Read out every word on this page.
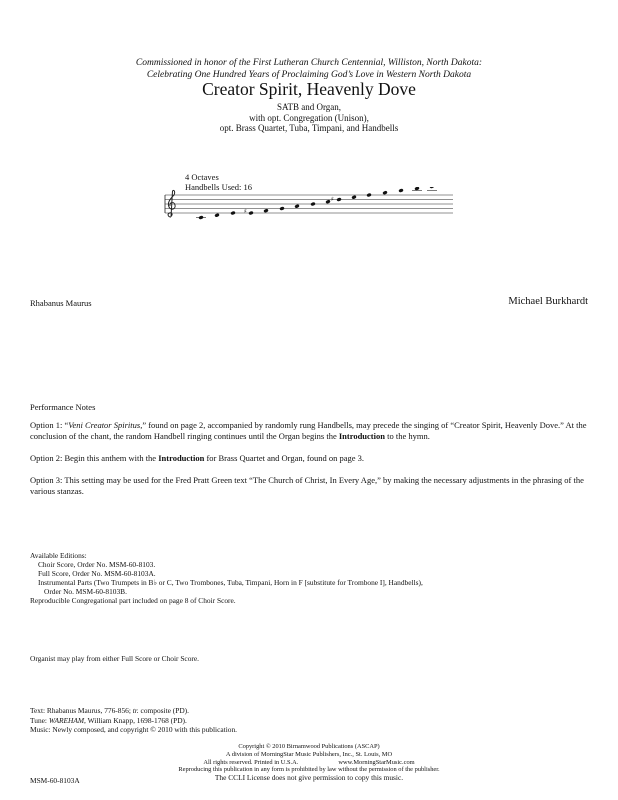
Commissioned in honor of the First Lutheran Church Centennial, Williston, North Dakota:
Celebrating One Hundred Years of Proclaiming God’s Love in Western North Dakota
Creator Spirit, Heavenly Dove
SATB and Organ,
with opt. Congregation (Unison),
opt. Brass Quartet, Tuba, Timpani, and Handbells
4 Octaves
Handbells Used: 16
♯
♯
Rhabanus Maurus	Michael Burkhardt

Performance Notes

Option 1: “Veni Creator Spiritus,” found on page 2, accompanied by randomly rung Handbells, may precede the singing of “Creator Spirit, Heavenly Dove.” At the conclusion of the chant, the random Handbell ringing continues until the Organ begins the Introduction to the hymn.

Option 2: Begin this anthem with the Introduction for Brass Quartet and Organ, found on page 3.

Option 3: This setting may be used for the Fred Pratt Green text “The Church of Christ, In Every Age,” by making the necessary adjustments in the phrasing of the various stanzas.

Available Editions:
Choir Score, Order No. MSM-60-8103.
Full Score, Order No. MSM-60-8103A.
Instrumental Parts (Two Trumpets in B♭ or C, Two Trombones, Tuba, Timpani, Horn in F [substitute for Trombone I], Handbells),
Order No. MSM-60-8103B.
Reproducible Congregational part included on page 8 of Choir Score.
Organist may play from either Full Score or Choir Score.
Text: Rhabanus Maurus, 776-856; tr. composite (PD).
Tune: WAREHAM, William Knapp, 1698-1768 (PD).
Music: Newly composed, and copyright © 2010 with this publication.
Copyright © 2010 Birnamwood Publications (ASCAP)
A division of MorningStar Music Publishers, Inc., St. Louis, MO
All rights reserved. Printed in U.S.A.	www.MorningStarMusic.com
Reproducing this publication in any form is prohibited by law without the permission of the publisher.
The CCLI License does not give permission to copy this music.
MSM-60-8103A
